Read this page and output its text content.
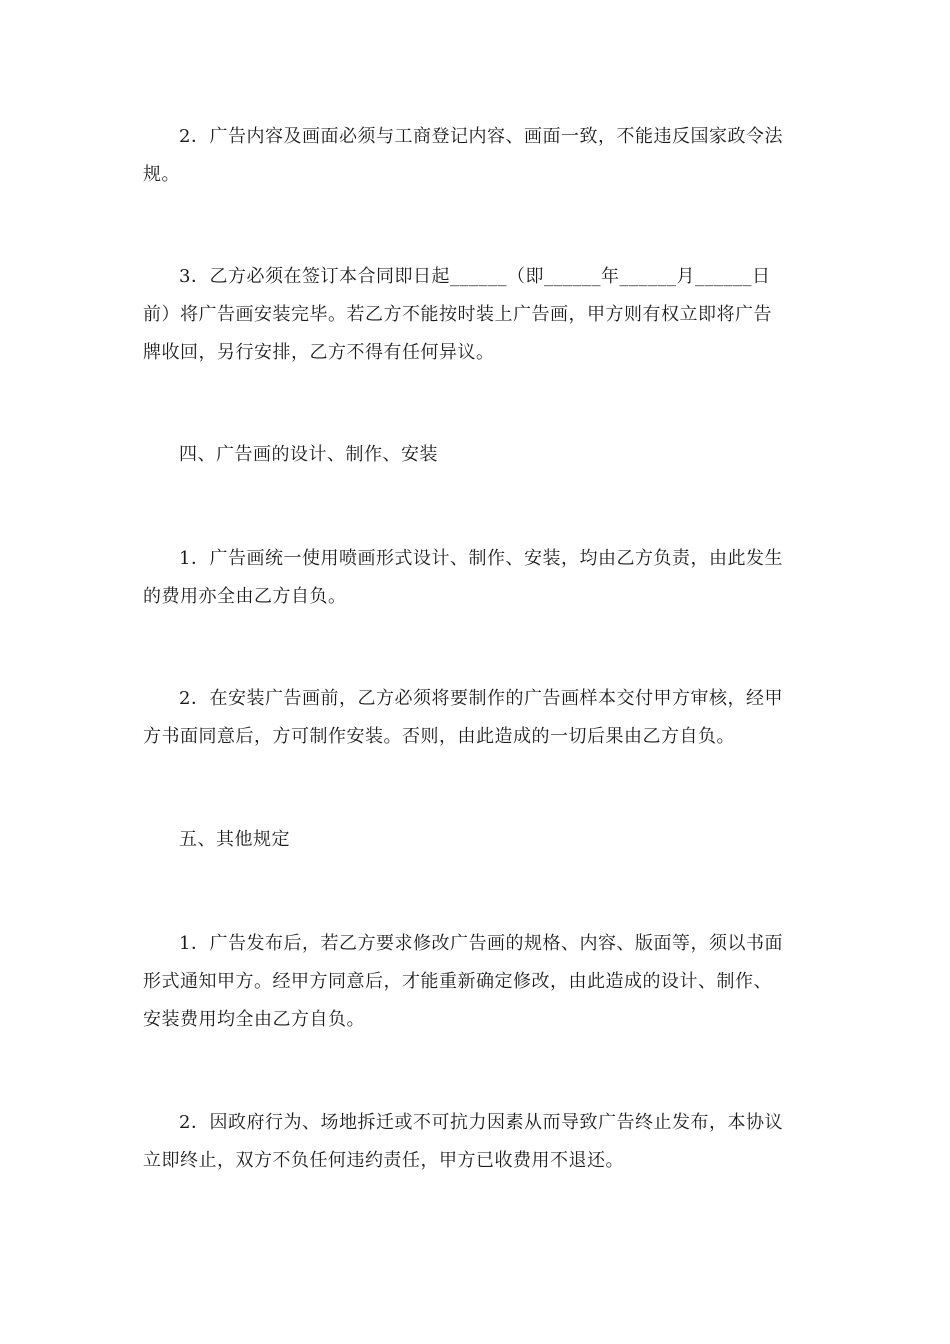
2．广告内容及画面必须与工商登记内容、画面一致，不能违反国家政令法
规。
3．乙方必须在签订本合同即日起______（即______年______月______日
前）将广告画安装完毕。若乙方不能按时装上广告画，甲方则有权立即将广告
牌收回，另行安排，乙方不得有任何异议。
四、广告画的设计、制作、安装
1．广告画统一使用喷画形式设计、制作、安装，均由乙方负责，由此发生
的费用亦全由乙方自负。
2．在安装广告画前，乙方必须将要制作的广告画样本交付甲方审核，经甲
方书面同意后，方可制作安装。否则，由此造成的一切后果由乙方自负。
五、其他规定
1．广告发布后，若乙方要求修改广告画的规格、内容、版面等，须以书面
形式通知甲方。经甲方同意后，才能重新确定修改，由此造成的设计、制作、
安装费用均全由乙方自负。
2．因政府行为、场地拆迁或不可抗力因素从而导致广告终止发布，本协议
立即终止，双方不负任何违约责任，甲方已收费用不退还。
